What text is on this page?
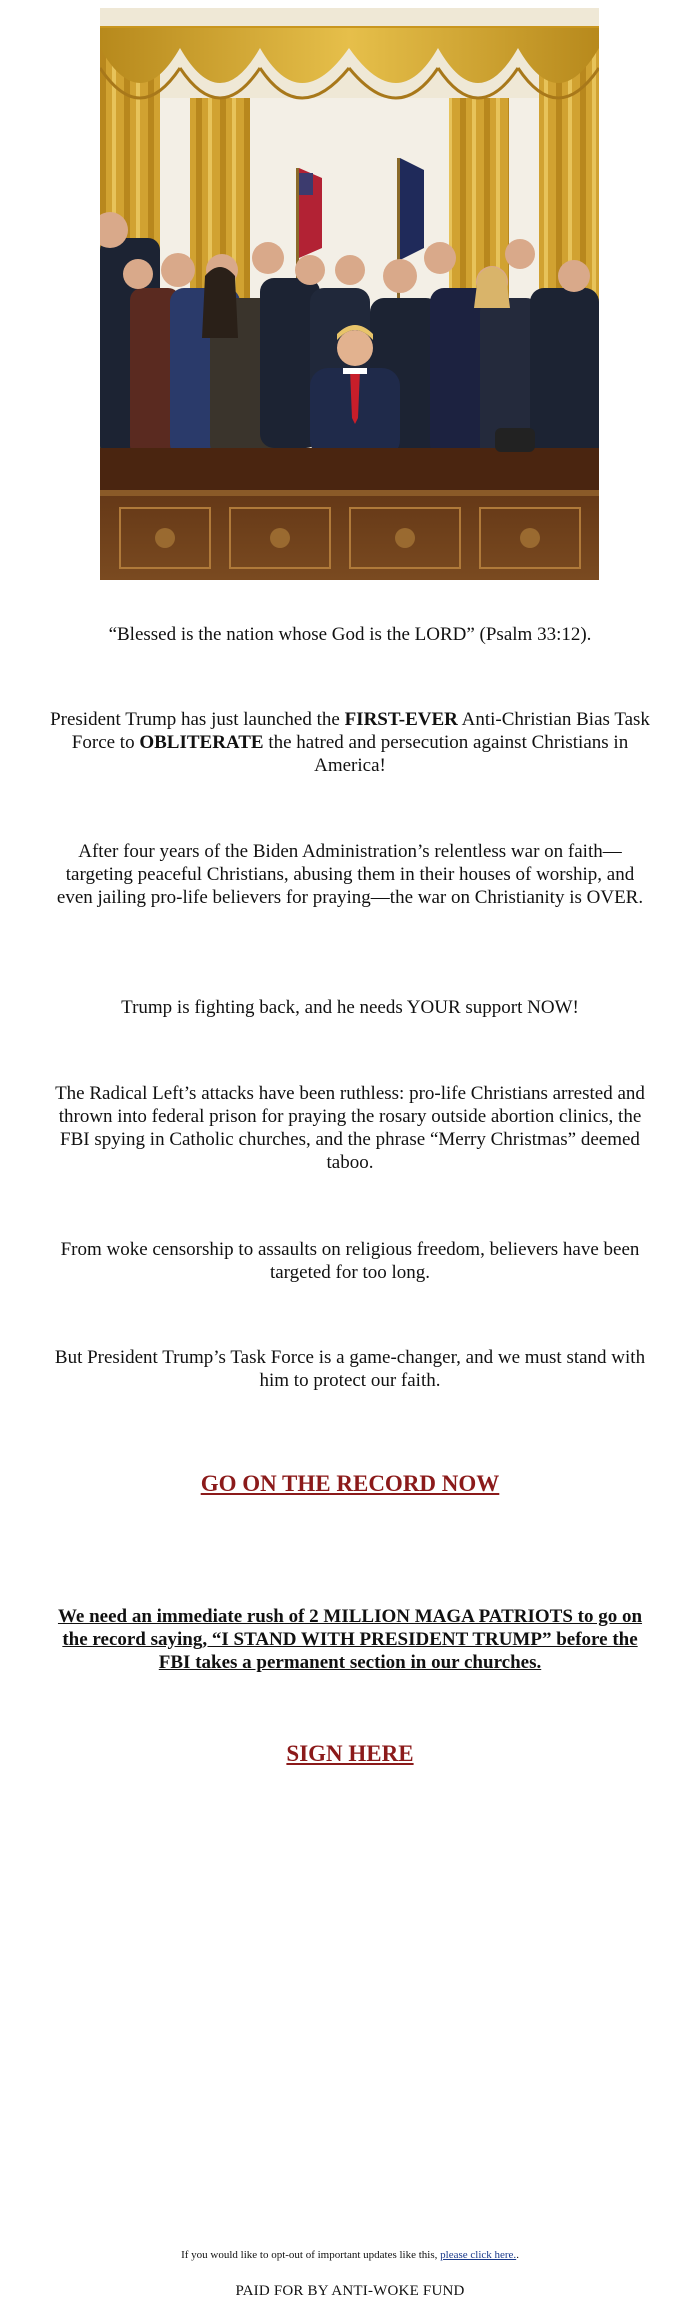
“Blessed is the nation whose God is the LORD” (Psalm 33:12).

President Trump has just launched the FIRST-EVER Anti-Christian Bias Task Force to OBLITERATE the hatred and persecution against Christians in America!

After four years of the Biden Administration’s relentless war on faith—targeting peaceful Christians, abusing them in their houses of worship, and even jailing pro-life believers for praying—the war on Christianity is OVER.

Trump is fighting back, and he needs YOUR support NOW!

The Radical Left’s attacks have been ruthless: pro-life Christians arrested and thrown into federal prison for praying the rosary outside abortion clinics, the FBI spying in Catholic churches, and the phrase “Merry Christmas” deemed taboo.

From woke censorship to assaults on religious freedom, believers have been targeted for too long.

But President Trump’s Task Force is a game-changer, and we must stand with him to protect our faith.

GO ON THE RECORD NOW

We need an immediate rush of 2 MILLION MAGA PATRIOTS to go on the record saying, “I STAND WITH PRESIDENT TRUMP” before the FBI takes a permanent section in our churches.

SIGN HERE
If you would like to opt-out of important updates like this, please click here..
PAID FOR BY ANTI-WOKE FUND
